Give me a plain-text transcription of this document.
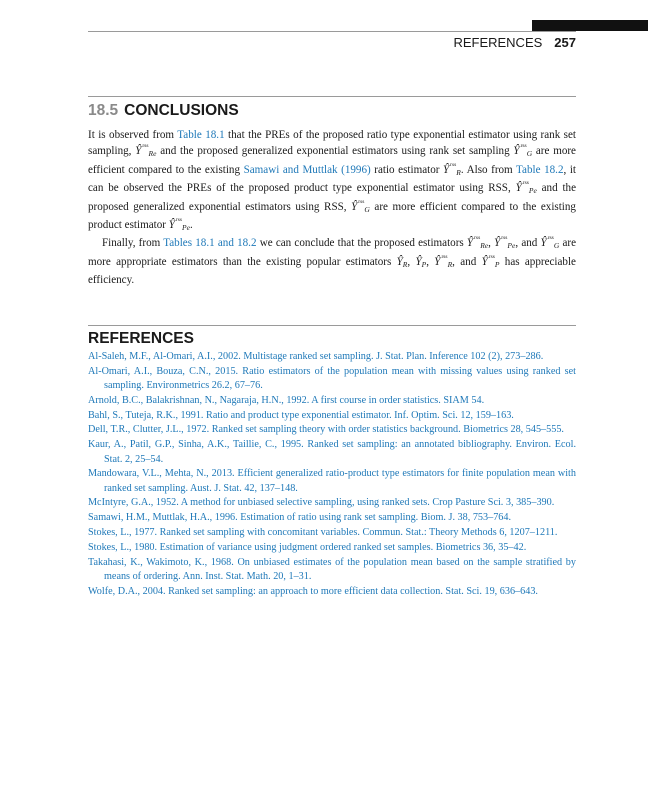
REFERENCES 257
18.5 CONCLUSIONS

It is observed from Table 18.1 that the PREs of the proposed ratio type exponential estimator using rank set sampling, $Ŷ^{rss}Re$ and the proposed generalized exponential estimators using rank set sampling $Ŷ^{rss}G$ are more efficient compared to the existing Samawi and Muttlak (1996) ratio estimator $Ŷ^{rss}R$. Also from Table 18.2, it can be observed the PREs of the proposed product type exponential estimator using RSS, $Ŷ^{rss}Pe$ and the proposed generalized exponential estimators using RSS, $Ŷ^{rss}G$ are more efficient compared to the existing product estimator $Ŷ^{rss}Pe$.

Finally, from Tables 18.1 and 18.2 we can conclude that the proposed estimators $Ŷ^{rss}Re$, $Ŷ^{rss}Pe$, and $Ŷ^{rss}G$ are more appropriate estimators than the existing popular estimators ŶR, ŶP, $Ŷ^{rss}R$, and $Ŷ^{rss}P$ has appreciable efficiency.

REFERENCES
Al-Saleh, M.F., Al-Omari, A.I., 2002. Multistage ranked set sampling. J. Stat. Plan. Inference 102 (2), 273–286.
Al-Omari, A.I., Bouza, C.N., 2015. Ratio estimators of the population mean with missing values using ranked set sampling. Environmetrics 26.2, 67–76.
Arnold, B.C., Balakrishnan, N., Nagaraja, H.N., 1992. A first course in order statistics. SIAM 54.
Bahl, S., Tuteja, R.K., 1991. Ratio and product type exponential estimator. Inf. Optim. Sci. 12, 159–163.
Dell, T.R., Clutter, J.L., 1972. Ranked set sampling theory with order statistics background. Biometrics 28, 545–555.
Kaur, A., Patil, G.P., Sinha, A.K., Taillie, C., 1995. Ranked set sampling: an annotated bibliography. Environ. Ecol. Stat. 2, 25–54.
Mandowara, V.L., Mehta, N., 2013. Efficient generalized ratio-product type estimators for finite population mean with ranked set sampling. Aust. J. Stat. 42, 137–148.
McIntyre, G.A., 1952. A method for unbiased selective sampling, using ranked sets. Crop Pasture Sci. 3, 385–390.
Samawi, H.M., Muttlak, H.A., 1996. Estimation of ratio using rank set sampling. Biom. J. 38, 753–764.
Stokes, L., 1977. Ranked set sampling with concomitant variables. Commun. Stat.: Theory Methods 6, 1207–1211.
Stokes, L., 1980. Estimation of variance using judgment ordered ranked set samples. Biometrics 36, 35–42.
Takahasi, K., Wakimoto, K., 1968. On unbiased estimates of the population mean based on the sample stratified by means of ordering. Ann. Inst. Stat. Math. 20, 1–31.
Wolfe, D.A., 2004. Ranked set sampling: an approach to more efficient data collection. Stat. Sci. 19, 636–643.
